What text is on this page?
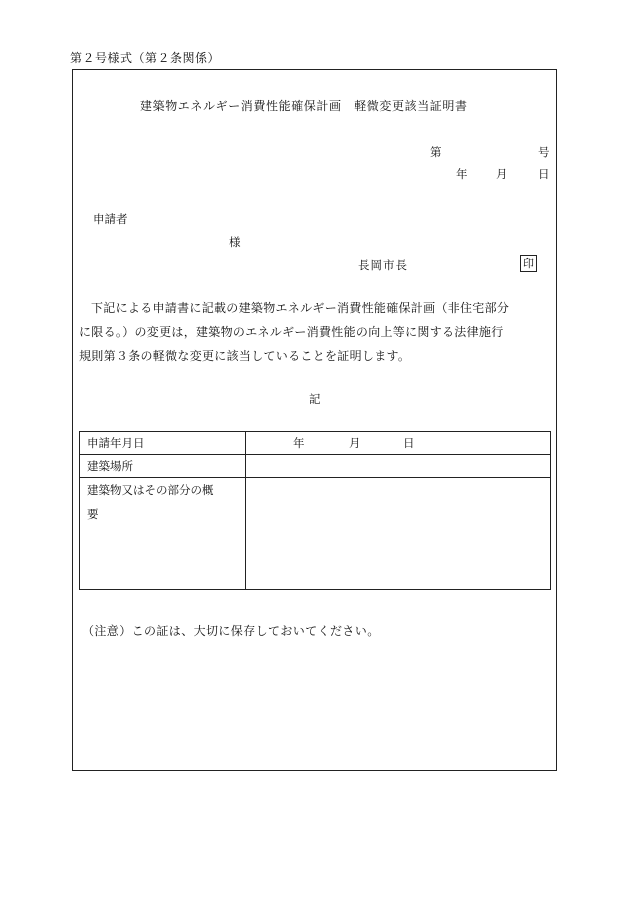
第２号様式（第２条関係）
建築物エネルギー消費性能確保計画　軽微変更該当証明書
第	号
年 月	日
申請者
様
長岡市長	印
下記による申請書に記載の建築物エネルギー消費性能確保計画（非住宅部分
に限る。）の変更は，建築物のエネルギー消費性能の向上等に関する法律施行
規則第３条の軽微な変更に該当していることを証明します。
記
申請年月日	年 月 日

建築場所	

建築物又はその部分の概
要	

（注意）この証は、大切に保存しておいてください。
